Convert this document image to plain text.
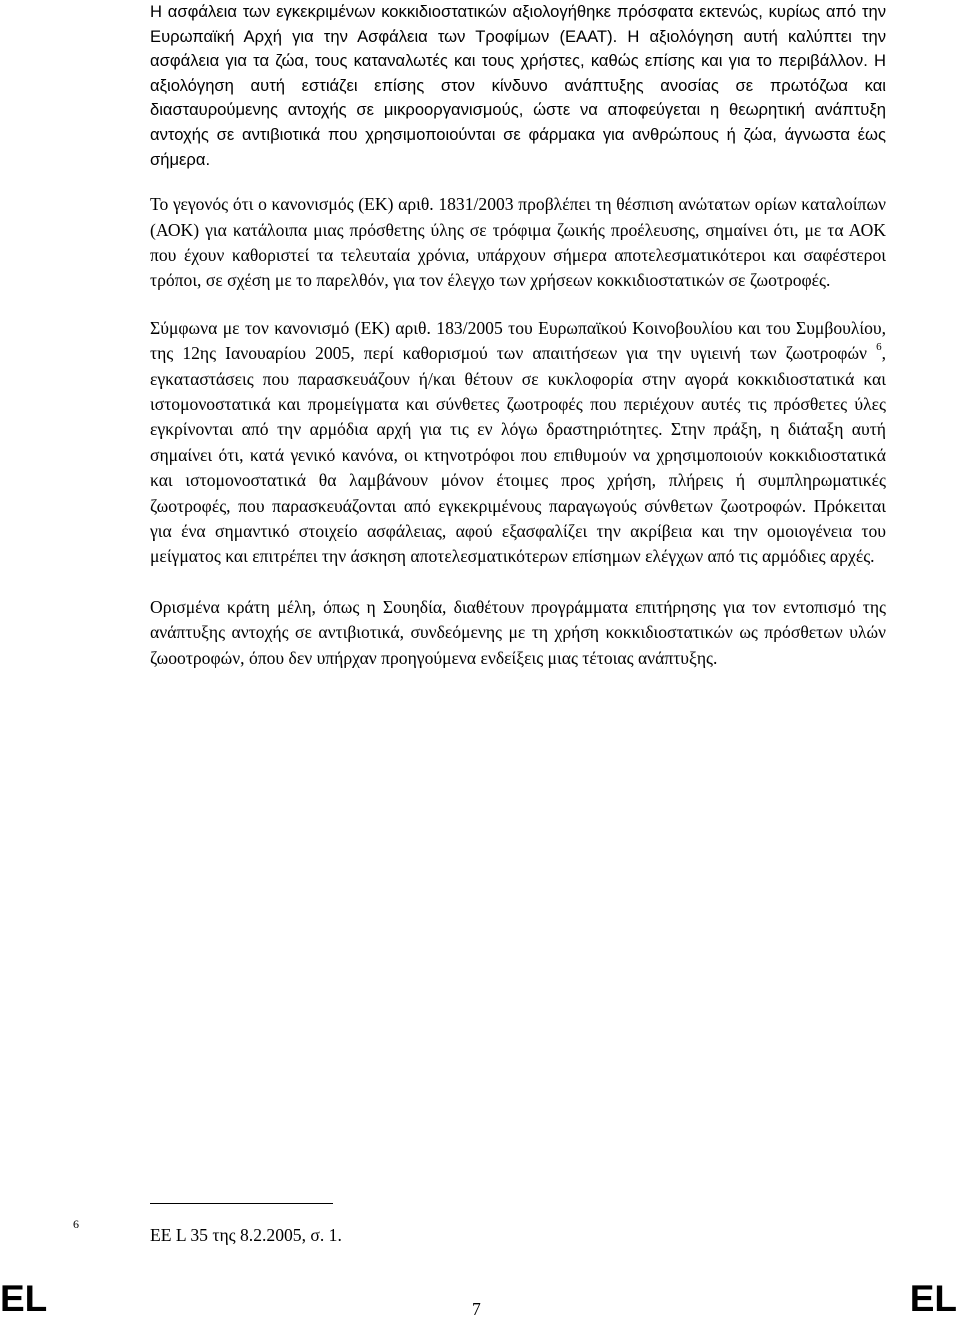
Η ασφάλεια των εγκεκριμένων κοκκιδιοστατικών αξιολογήθηκε πρόσφατα εκτενώς, κυρίως από την Ευρωπαϊκή Αρχή για την Ασφάλεια των Τροφίμων (ΕΑΑΤ). Η αξιολόγηση αυτή καλύπτει την ασφάλεια για τα ζώα, τους καταναλωτές και τους χρήστες, καθώς επίσης και για το περιβάλλον. Η αξιολόγηση αυτή εστιάζει επίσης στον κίνδυνο ανάπτυξης ανοσίας σε πρωτόζωα και διασταυρούμενης αντοχής σε μικροοργανισμούς, ώστε να αποφεύγεται η θεωρητική ανάπτυξη αντοχής σε αντιβιοτικά που χρησιμοποιούνται σε φάρμακα για ανθρώπους ή ζώα, άγνωστα έως σήμερα.

Το γεγονός ότι ο κανονισμός (ΕΚ) αριθ. 1831/2003 προβλέπει τη θέσπιση ανώτατων ορίων καταλοίπων (ΑΟΚ) για κατάλοιπα μιας πρόσθετης ύλης σε τρόφιμα ζωικής προέλευσης, σημαίνει ότι, με τα ΑΟΚ που έχουν καθοριστεί τα τελευταία χρόνια, υπάρχουν σήμερα αποτελεσματικότεροι και σαφέστεροι τρόποι, σε σχέση με το παρελθόν, για τον έλεγχο των χρήσεων κοκκιδιοστατικών σε ζωοτροφές.

Σύμφωνα με τον κανονισμό (ΕΚ) αριθ. 183/2005 του Ευρωπαϊκού Κοινοβουλίου και του Συμβουλίου, της 12ης Ιανουαρίου 2005, περί καθορισμού των απαιτήσεων για την υγιεινή των ζωοτροφών $^6$, εγκαταστάσεις που παρασκευάζουν ή/και θέτουν σε κυκλοφορία στην αγορά κοκκιδιοστατικά και ιστομονοστατικά και προμείγματα και σύνθετες ζωοτροφές που περιέχουν αυτές τις πρόσθετες ύλες εγκρίνονται από την αρμόδια αρχή για τις εν λόγω δραστηριότητες. Στην πράξη, η διάταξη αυτή σημαίνει ότι, κατά γενικό κανόνα, οι κτηνοτρόφοι που επιθυμούν να χρησιμοποιούν κοκκιδιοστατικά και ιστομονοστατικά θα λαμβάνουν μόνον έτοιμες προς χρήση, πλήρεις ή συμπληρωματικές ζωοτροφές, που παρασκευάζονται από εγκεκριμένους παραγωγούς σύνθετων ζωοτροφών. Πρόκειται για ένα σημαντικό στοιχείο ασφάλειας, αφού εξασφαλίζει την ακρίβεια και την ομοιογένεια του μείγματος και επιτρέπει την άσκηση αποτελεσματικότερων επίσημων ελέγχων από τις αρμόδιες αρχές.

Ορισμένα κράτη μέλη, όπως η Σουηδία, διαθέτουν προγράμματα επιτήρησης για τον εντοπισμό της ανάπτυξης αντοχής σε αντιβιοτικά, συνδεόμενης με τη χρήση κοκκιδιοστατικών ως πρόσθετων υλών ζωοοτροφών, όπου δεν υπήρχαν προηγούμενα ενδείξεις μιας τέτοιας ανάπτυξης.

6
EE L 35 της 8.2.2005, σ. 1.
EL	7	EL
